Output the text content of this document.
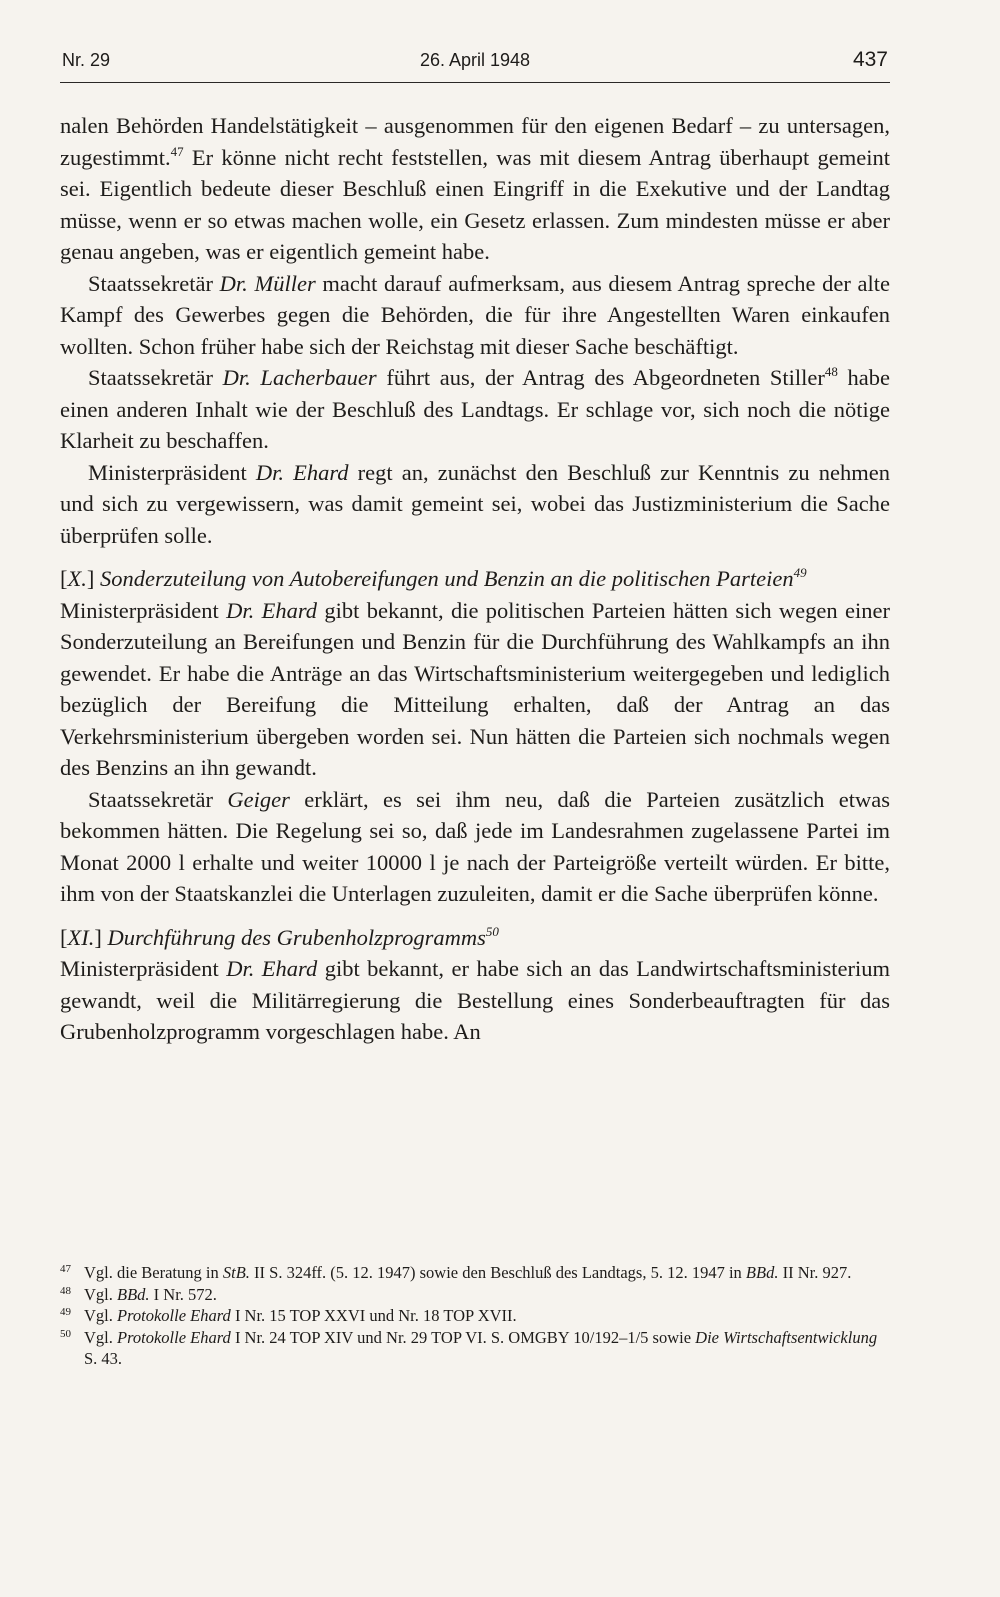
Nr. 29	26. April 1948	437

nalen Behörden Handelstätigkeit – ausgenommen für den eigenen Bedarf – zu untersagen, zugestimmt.$^{47}$ Er könne nicht recht feststellen, was mit diesem Antrag überhaupt gemeint sei. Eigentlich bedeute dieser Beschluß einen Eingriff in die Exekutive und der Landtag müsse, wenn er so etwas machen wolle, ein Gesetz erlassen. Zum mindesten müsse er aber genau angeben, was er eigentlich gemeint habe.

Staatssekretär Dr. Müller macht darauf aufmerksam, aus diesem Antrag spreche der alte Kampf des Gewerbes gegen die Behörden, die für ihre Angestellten Waren einkaufen wollten. Schon früher habe sich der Reichstag mit dieser Sache beschäftigt.

Staatssekretär Dr. Lacherbauer führt aus, der Antrag des Abgeordneten Stiller$^{48}$ habe einen anderen Inhalt wie der Beschluß des Landtags. Er schlage vor, sich noch die nötige Klarheit zu beschaffen.

Ministerpräsident Dr. Ehard regt an, zunächst den Beschluß zur Kenntnis zu nehmen und sich zu vergewissern, was damit gemeint sei, wobei das Justizministerium die Sache überprüfen solle.

[X.] Sonderzuteilung von Autobereifungen und Benzin an die politischen Parteien$^{49}$

Ministerpräsident Dr. Ehard gibt bekannt, die politischen Parteien hätten sich wegen einer Sonderzuteilung an Bereifungen und Benzin für die Durchführung des Wahlkampfs an ihn gewendet. Er habe die Anträge an das Wirtschaftsministerium weitergegeben und lediglich bezüglich der Bereifung die Mitteilung erhalten, daß der Antrag an das Verkehrsministerium übergeben worden sei. Nun hätten die Parteien sich nochmals wegen des Benzins an ihn gewandt.

Staatssekretär Geiger erklärt, es sei ihm neu, daß die Parteien zusätzlich etwas bekommen hätten. Die Regelung sei so, daß jede im Landesrahmen zugelassene Partei im Monat 2000 l erhalte und weiter 10000 l je nach der Parteigröße verteilt würden. Er bitte, ihm von der Staatskanzlei die Unterlagen zuzuleiten, damit er die Sache überprüfen könne.

[XI.] Durchführung des Grubenholzprogramms$^{50}$

Ministerpräsident Dr. Ehard gibt bekannt, er habe sich an das Landwirtschaftsministerium gewandt, weil die Militärregierung die Bestellung eines Sonderbeauftragten für das Grubenholzprogramm vorgeschlagen habe. An

47 Vgl. die Beratung in StB. II S. 324ff. (5. 12. 1947) sowie den Beschluß des Landtags, 5. 12. 1947 in BBd. II Nr. 927.

48 Vgl. BBd. I Nr. 572.

49 Vgl. Protokolle Ehard I Nr. 15 TOP XXVI und Nr. 18 TOP XVII.

50 Vgl. Protokolle Ehard I Nr. 24 TOP XIV und Nr. 29 TOP VI. S. OMGBY 10/192–1/5 sowie Die Wirtschaftsentwicklung S. 43.
